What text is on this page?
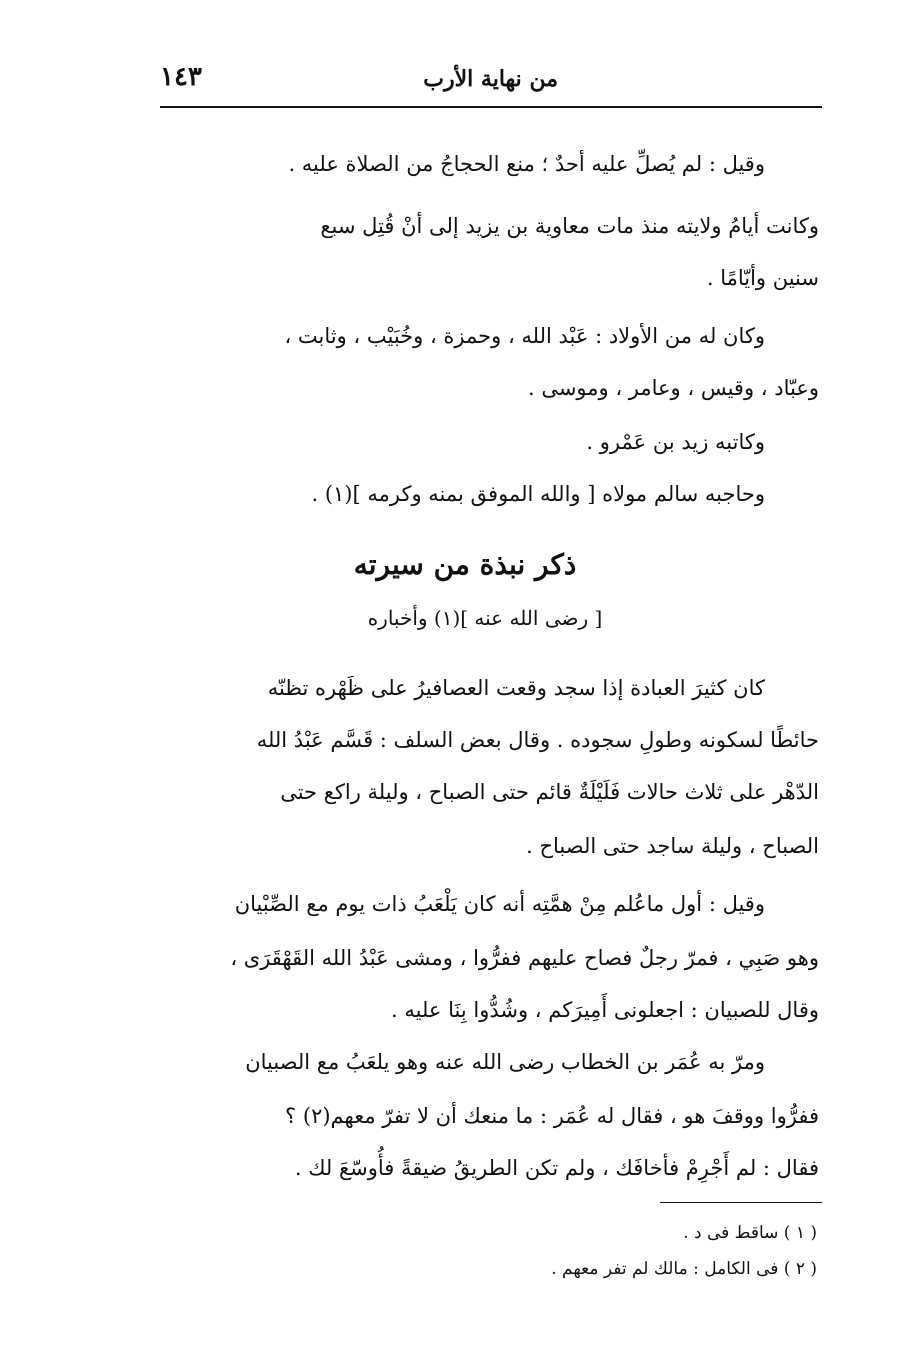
من نهاية الأرب
١٤٣
وقيل : لم يُصلِّ عليه أحدٌ ؛ منع الحجاجُ من الصلاة عليه .
وكانت أيامُ ولايته منذ مات معاوية بن يزيد إلى أنْ قُتِل سبع
سنين وأيّامًا .
وكان له من الأولاد : عَبْد الله ، وحمزة ، وخُبَيْب ، وثابت ،
وعبّاد ، وقيس ، وعامر ، وموسى .
وكاتبه زيد بن عَمْرو .
وحاجبه سالم مولاه [ والله الموفق بمنه وكرمه ](١) .
ذكر نبذة من سيرته
[ رضى الله عنه ](١) وأخباره
كان كثيرَ العبادة إذا سجد وقعت العصافيرُ على ظَهْره تظنّه
حائطًا لسكونه وطولِ سجوده . وقال بعض السلف : قَسَّم عَبْدُ الله
الدّهْر على ثلاث حالات فَلَيْلَةٌ قائم حتى الصباح ، وليلة راكع حتى
الصباح ، وليلة ساجد حتى الصباح .
وقيل : أول ماعُلم مِنْ همَّتِه أنه كان يَلْعَبُ ذات يوم مع الصِّبْيان
وهو صَبِي ، فمرّ رجلٌ فصاح عليهم ففرُّوا ، ومشى عَبْدُ الله القَهْقَرَى ،
وقال للصبيان : اجعلونى أَمِيرَكم ، وشُدُّوا بِنَا عليه .
ومرّ به عُمَر بن الخطاب رضى الله عنه وهو يلعَبُ مع الصبيان
ففرُّوا ووقفَ هو ، فقال له عُمَر : ما منعك أن لا تفرّ معهم(٢) ؟
فقال : لم أَجْرِمْ فأخافَك ، ولم تكن الطريقُ ضيقةً فأُوسّعَ لك .
( ١ ) ساقط فى د .
( ٢ ) فى الكامل : مالك لم تفر معهم .
